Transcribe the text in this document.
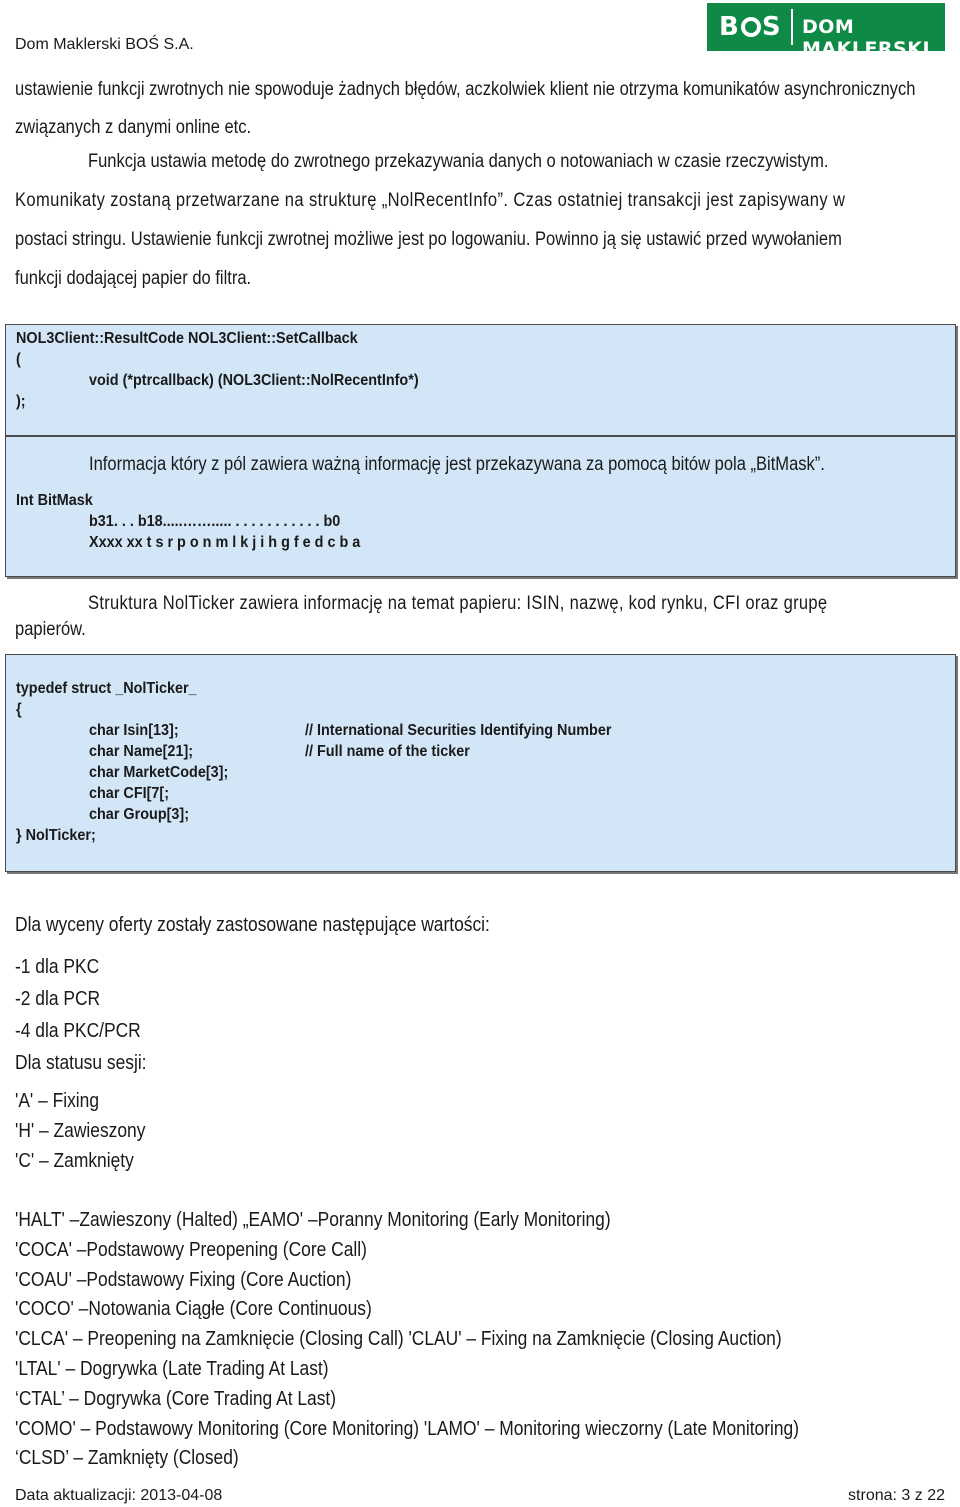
Dom Maklerski BOŚ S.A.
B S DOM MAKLERSKI
ustawienie funkcji zwrotnych nie spowoduje żadnych błędów, aczkolwiek klient nie otrzyma komunikatów asynchronicznych
związanych z danymi online etc.
Funkcja ustawia metodę do zwrotnego przekazywania danych o notowaniach w czasie rzeczywistym.
Komunikaty zostaną przetwarzane na strukturę „NolRecentInfo”. Czas ostatniej transakcji jest zapisywany w
postaci stringu. Ustawienie funkcji zwrotnej możliwe jest po logowaniu. Powinno ją się ustawić przed wywołaniem
funkcji dodającej papier do filtra.
NOL3Client::ResultCode NOL3Client::SetCallback
(
void (*ptrcallback) (NOL3Client::NolRecentInfo*)
);
Informacja który z pól zawiera ważną informację jest przekazywana za pomocą bitów pola „BitMask”.
Int BitMask
b31. . . b18.....……..... . . . . . . . . . . . b0
Xxxx xx t s r p o n m l k j i h g f e d c b a
Struktura NolTicker zawiera informację na temat papieru: ISIN, nazwę, kod rynku, CFI oraz grupę
papierów.
typedef struct _NolTicker_
{
char Isin[13];	// International Securities Identifying Number
char Name[21];	// Full name of the ticker
char MarketCode[3];
char CFI[7[;
char Group[3];
} NolTicker;
Dla wyceny oferty zostały zastosowane następujące wartości:
-1 dla PKC
-2 dla PCR
-4 dla PKC/PCR
Dla statusu sesji:
'A' – Fixing
'H' – Zawieszony
'C' – Zamknięty
'HALT' –Zawieszony (Halted) „EAMO' –Poranny Monitoring (Early Monitoring)
'COCA' –Podstawowy Preopening (Core Call)
'COAU' –Podstawowy Fixing (Core Auction)
'COCO' –Notowania Ciągłe (Core Continuous)
'CLCA' – Preopening na Zamknięcie (Closing Call) 'CLAU' – Fixing na Zamknięcie (Closing Auction)
'LTAL' – Dogrywka (Late Trading At Last)
‘CTAL’ – Dogrywka (Core Trading At Last)
'COMO' – Podstawowy Monitoring (Core Monitoring) 'LAMO' – Monitoring wieczorny (Late Monitoring)
‘CLSD’ – Zamknięty (Closed)
Data aktualizacji: 2013-04-08	strona: 3 z 22
